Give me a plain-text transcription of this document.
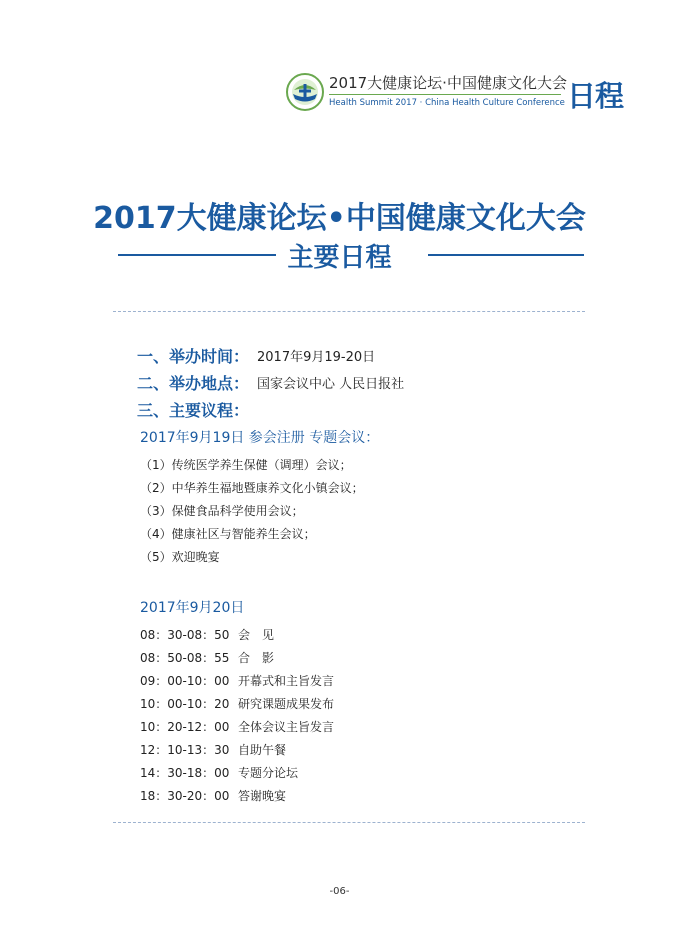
2017大健康论坛·中国健康文化大会
Health Summit 2017 · China Health Culture Conference 日程
2017大健康论坛•中国健康文化大会
主要日程
一、举办时间： 2017年9月19-20日
二、举办地点： 国家会议中心 人民日报社
三、主要议程：
2017年9月19日 参会注册 专题会议：
（1）传统医学养生保健（调理）会议；
（2）中华养生福地暨康养文化小镇会议；
（3）保健食品科学使用会议；
（4）健康社区与智能养生会议；
（5）欢迎晚宴
2017年9月20日
08：30-08：50 会见
08：50-08：55 合影
09：00-10：00 开幕式和主旨发言
10：00-10：20 研究课题成果发布
10：20-12：00 全体会议主旨发言
12：10-13：30 自助午餐
14：30-18：00 专题分论坛
18：30-20：00 答谢晚宴
-06-
